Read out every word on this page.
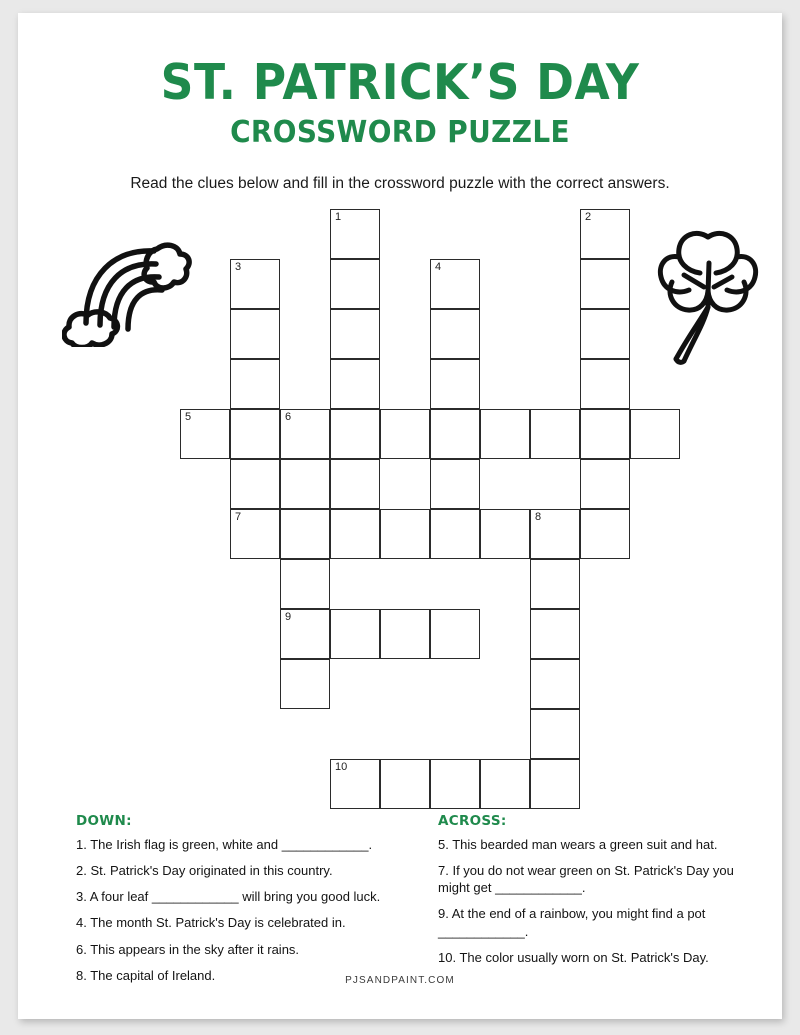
ST. PATRICK’S DAY
CROSSWORD PUZZLE

Read the clues below and fill in the crossword puzzle with the correct answers.

1	2
3	4
5	6
7	8
9
10

DOWN:

1. The Irish flag is green, white and ____________.

2. St. Patrick's Day originated in this country.

3. A four leaf ____________ will bring you good luck.

4. The month St. Patrick's Day is celebrated in.

6. This appears in the sky after it rains.

8. The capital of Ireland.

ACROSS:

5. This bearded man wears a green suit and hat.

7. If you do not wear green on St. Patrick's Day you might get ____________.

9. At the end of a rainbow, you might find a pot ____________.

10. The color usually worn on St. Patrick's Day.

PJSANDPAINT.COM
